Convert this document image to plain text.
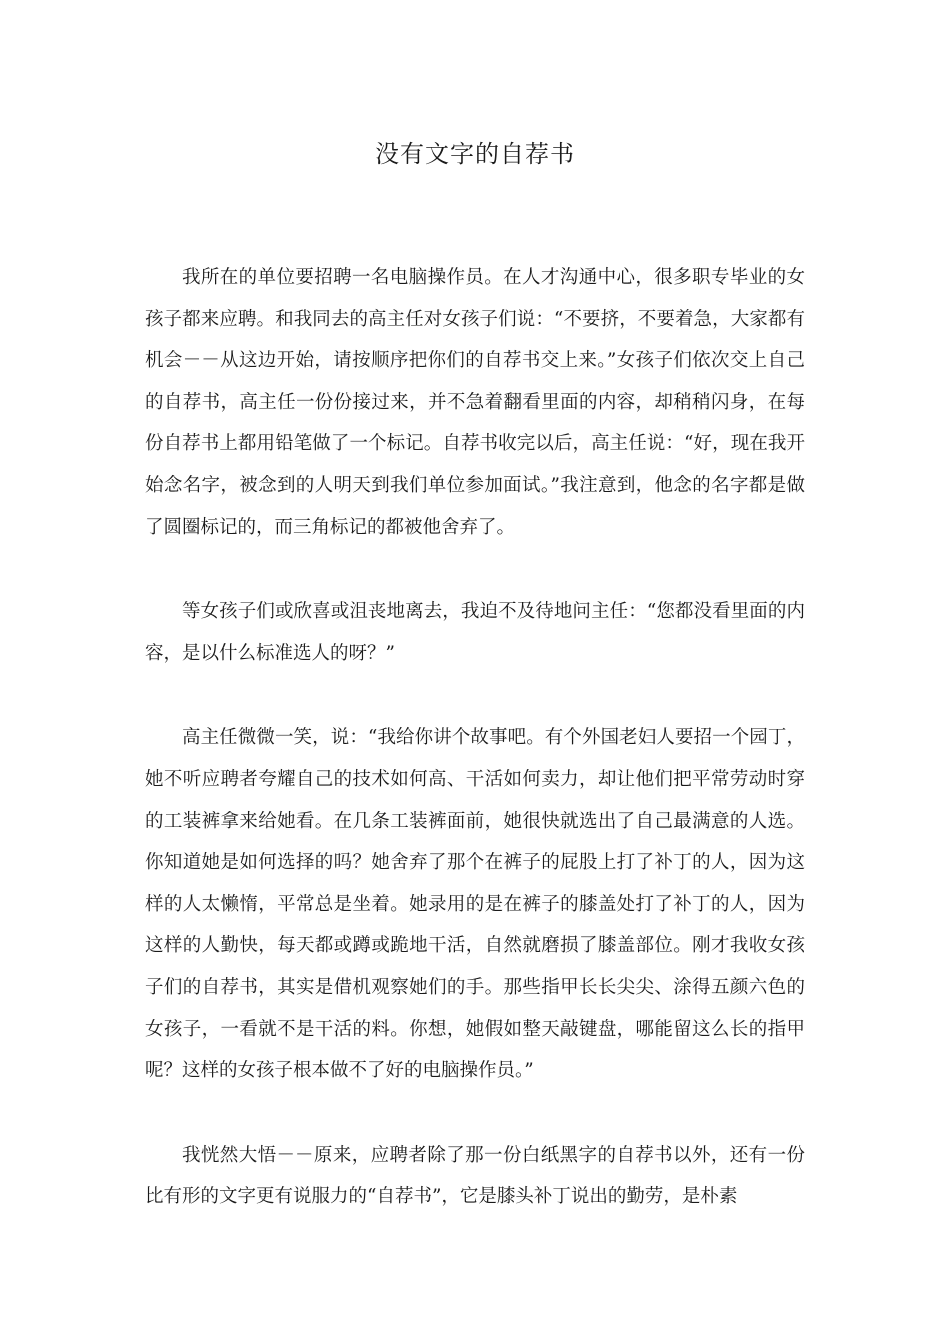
没有文字的自荐书

我所在的单位要招聘一名电脑操作员。在人才沟通中心，很多职专毕业的女孩子都来应聘。和我同去的高主任对女孩子们说：“不要挤，不要着急，大家都有机会－－从这边开始，请按顺序把你们的自荐书交上来。”女孩子们依次交上自己的自荐书，高主任一份份接过来，并不急着翻看里面的内容，却稍稍闪身，在每份自荐书上都用铅笔做了一个标记。自荐书收完以后，高主任说：“好，现在我开始念名字，被念到的人明天到我们单位参加面试。”我注意到，他念的名字都是做了圆圈标记的，而三角标记的都被他舍弃了。

等女孩子们或欣喜或沮丧地离去，我迫不及待地问主任：“您都没看里面的内容，是以什么标准选人的呀？”

高主任微微一笑，说：“我给你讲个故事吧。有个外国老妇人要招一个园丁，她不听应聘者夸耀自己的技术如何高、干活如何卖力，却让他们把平常劳动时穿的工装裤拿来给她看。在几条工装裤面前，她很快就选出了自己最满意的人选。你知道她是如何选择的吗？她舍弃了那个在裤子的屁股上打了补丁的人，因为这样的人太懒惰，平常总是坐着。她录用的是在裤子的膝盖处打了补丁的人，因为这样的人勤快，每天都或蹲或跪地干活，自然就磨损了膝盖部位。刚才我收女孩子们的自荐书，其实是借机观察她们的手。那些指甲长长尖尖、涂得五颜六色的女孩子，一看就不是干活的料。你想，她假如整天敲键盘，哪能留这么长的指甲呢？这样的女孩子根本做不了好的电脑操作员。”

我恍然大悟－－原来，应聘者除了那一份白纸黑字的自荐书以外，还有一份比有形的文字更有说服力的“自荐书”，它是膝头补丁说出的勤劳，是朴素
